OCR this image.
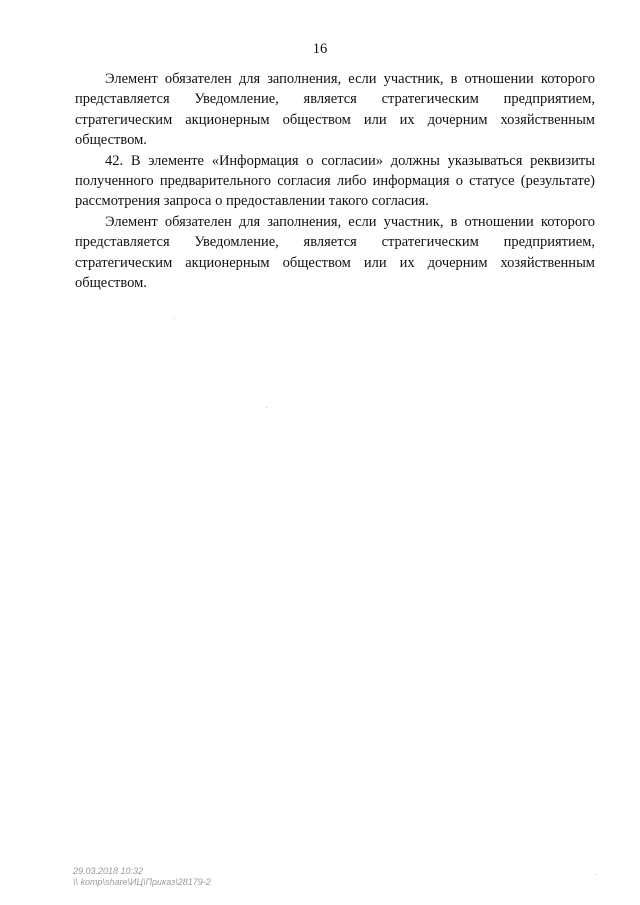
16

Элемент обязателен для заполнения, если участник, в отношении которого представляется Уведомление, является стратегическим предприятием, стратегическим акционерным обществом или их дочерним хозяйственным обществом.

42. В элементе «Информация о согласии» должны указываться реквизиты полученного предварительного согласия либо информация о статусе (результате) рассмотрения запроса о предоставлении такого согласия.

Элемент обязателен для заполнения, если участник, в отношении которого представляется Уведомление, является стратегическим предприятием, стратегическим акционерным обществом или их дочерним хозяйственным обществом.

29.03.2018 10:32
\\ komp\share\ИЦ\Приказ\28179-2
